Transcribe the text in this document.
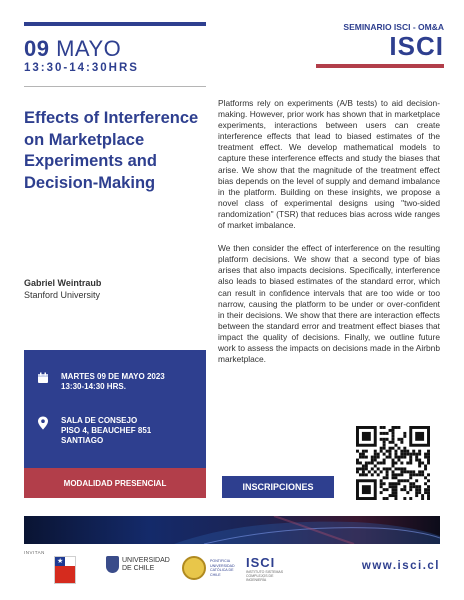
09 MAYO
13:30-14:30HRS
SEMINARIO ISCI - OM&A
ISCI
Effects of Interference on Marketplace Experiments and Decision-Making
Gabriel Weintraub
Stanford University

Platforms rely on experiments (A/B tests) to aid decision-making. However, prior work has shown that in marketplace experiments, interactions between users can create interference effects that lead to biased estimates of the treatment effect. We develop mathematical models to capture these interference effects and study the biases that arise. We show that the magnitude of the treatment effect bias depends on the level of supply and demand imbalance in the platform. Building on these insights, we propose a novel class of experimental designs using "two-sided randomization" (TSR) that reduces bias across wide ranges of market imbalance.

We then consider the effect of interference on the resulting platform decisions. We show that a second type of bias arises that also impacts decisions. Specifically, interference also leads to biased estimates of the standard error, which can result in confidence intervals that are too wide or too narrow, causing the platform to be under or over-confident in their decisions. We show that there are interaction effects between the standard error and treatment effect biases that impact the quality of decisions. Finally, we outline future work to assess the impacts on decisions made in the Airbnb marketplace.

MARTES 09 DE MAYO 2023
13:30-14:30 HRS.
SALA DE CONSEJO
PISO 4, BEAUCHEF 851
SANTIAGO
MODALIDAD PRESENCIAL	INSCRIPCIONES
INVITAN
★	UNIVERSIDAD
DE CHILE
PONTIFICIA UNIVERSIDAD CATÓLICA DE CHILE
ISCI
INSTITUTO SISTEMAS COMPLEJOS DE INGENIERÍA
www.isci.cl
